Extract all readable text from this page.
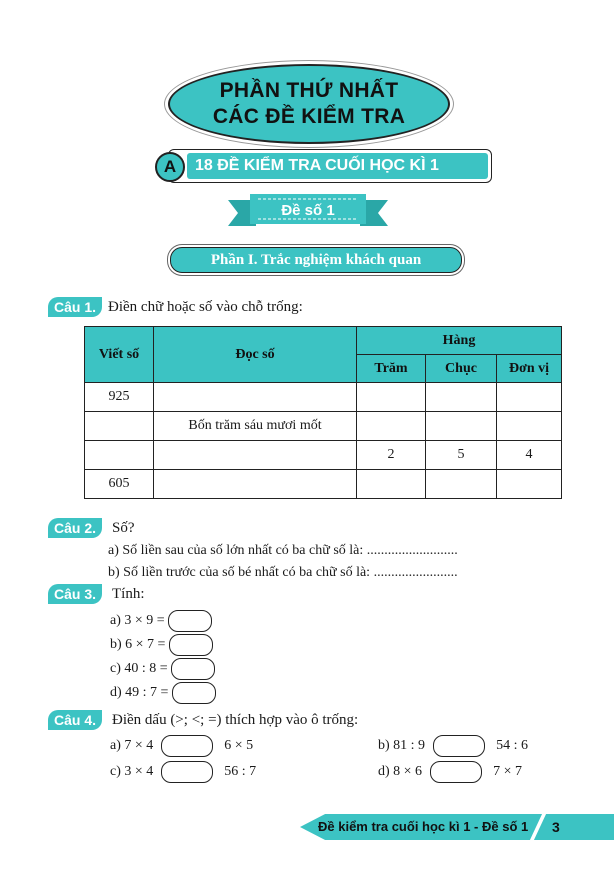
PHẦN THỨ NHẤT
CÁC ĐỀ KIỂM TRA
A	18 ĐỀ KIỂM TRA CUỐI HỌC KÌ 1
Đề số 1
Phần I. Trắc nghiệm khách quan
Câu 1. Điền chữ hoặc số vào chỗ trống:
Viết số	Đọc số	Hàng		
		Trăm	Chục	Đơn vị
925				
	Bốn trăm sáu mươi mốt			
		2	5	4
605				
Câu 2.	Số?
a) Số liền sau của số lớn nhất có ba chữ số là: ..........................
b) Số liền trước của số bé nhất có ba chữ số là: ........................
Câu 3.	Tính:
a) 3 × 9 =
b) 6 × 7 =
c) 40 : 8 =
d) 49 : 7 =
Câu 4.	Điền dấu (>; <; =) thích hợp vào ô trống:
a) 7 × 4	6 × 5	b) 81 : 9	54 : 6
c) 3 × 4	56 : 7	d) 8 × 6	7 × 7
Đề kiểm tra cuối học kì 1 - Đề số 1 3
